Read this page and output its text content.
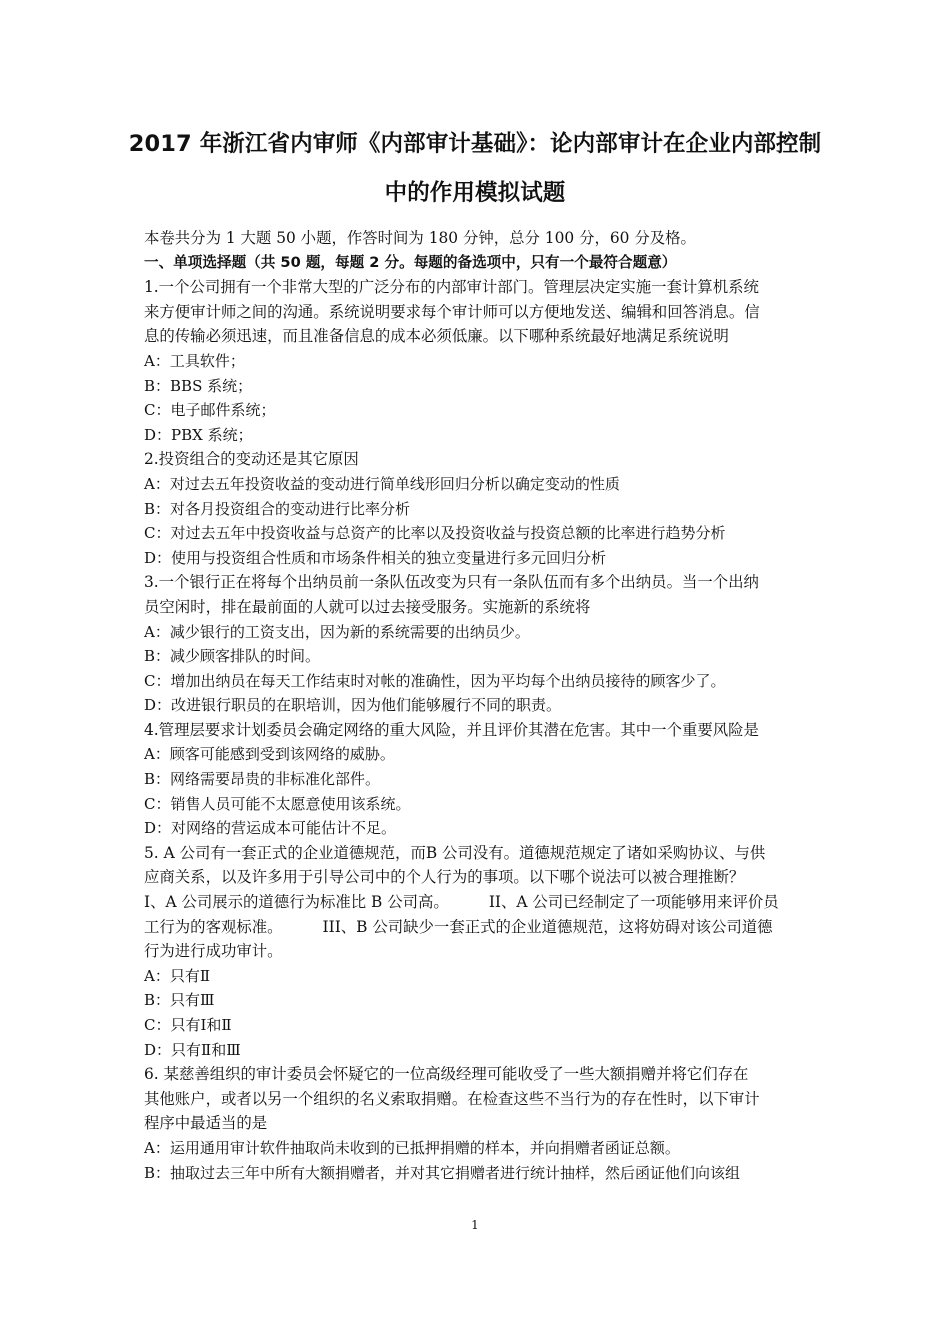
2017 年浙江省内审师《内部审计基础》：论内部审计在企业内部控制
中的作用模拟试题
本卷共分为 1 大题 50 小题，作答时间为 180 分钟，总分 100 分，60 分及格。
一、单项选择题（共 50 题，每题 2 分。每题的备选项中，只有一个最符合题意）
1.一个公司拥有一个非常大型的广泛分布的内部审计部门。管理层决定实施一套计算机系统
来方便审计师之间的沟通。系统说明要求每个审计师可以方便地发送、编辑和回答消息。信
息的传输必须迅速，而且准备信息的成本必须低廉。以下哪种系统最好地满足系统说明
A：工具软件；
B：BBS 系统；
C：电子邮件系统；
D：PBX 系统；
2.投资组合的变动还是其它原因
A：对过去五年投资收益的变动进行简单线形回归分析以确定变动的性质
B：对各月投资组合的变动进行比率分析
C：对过去五年中投资收益与总资产的比率以及投资收益与投资总额的比率进行趋势分析
D：使用与投资组合性质和市场条件相关的独立变量进行多元回归分析
3.一个银行正在将每个出纳员前一条队伍改变为只有一条队伍而有多个出纳员。当一个出纳
员空闲时，排在最前面的人就可以过去接受服务。实施新的系统将
A：减少银行的工资支出，因为新的系统需要的出纳员少。
B：减少顾客排队的时间。
C：增加出纳员在每天工作结束时对帐的准确性，因为平均每个出纳员接待的顾客少了。
D：改进银行职员的在职培训，因为他们能够履行不同的职责。
4.管理层要求计划委员会确定网络的重大风险，并且评价其潜在危害。其中一个重要风险是
A：顾客可能感到受到该网络的威胁。
B：网络需要昂贵的非标准化部件。
C：销售人员可能不太愿意使用该系统。
D：对网络的营运成本可能估计不足。
5. A 公司有一套正式的企业道德规范，而B 公司没有。道德规范规定了诸如采购协议、与供
应商关系，以及许多用于引导公司中的个人行为的事项。以下哪个说法可以被合理推断？
I、A 公司展示的道德行为标准比 B 公司高。	II、A 公司已经制定了一项能够用来评价员
工行为的客观标准。	III、B 公司缺少一套正式的企业道德规范，这将妨碍对该公司道德
行为进行成功审计。
A：只有Ⅱ
B：只有Ⅲ
C：只有Ⅰ和Ⅱ
D：只有Ⅱ和Ⅲ
6. 某慈善组织的审计委员会怀疑它的一位高级经理可能收受了一些大额捐赠并将它们存在
其他账户，或者以另一个组织的名义索取捐赠。在检查这些不当行为的存在性时，以下审计
程序中最适当的是
A：运用通用审计软件抽取尚未收到的已抵押捐赠的样本，并向捐赠者函证总额。
B：抽取过去三年中所有大额捐赠者，并对其它捐赠者进行统计抽样，然后函证他们向该组
1
